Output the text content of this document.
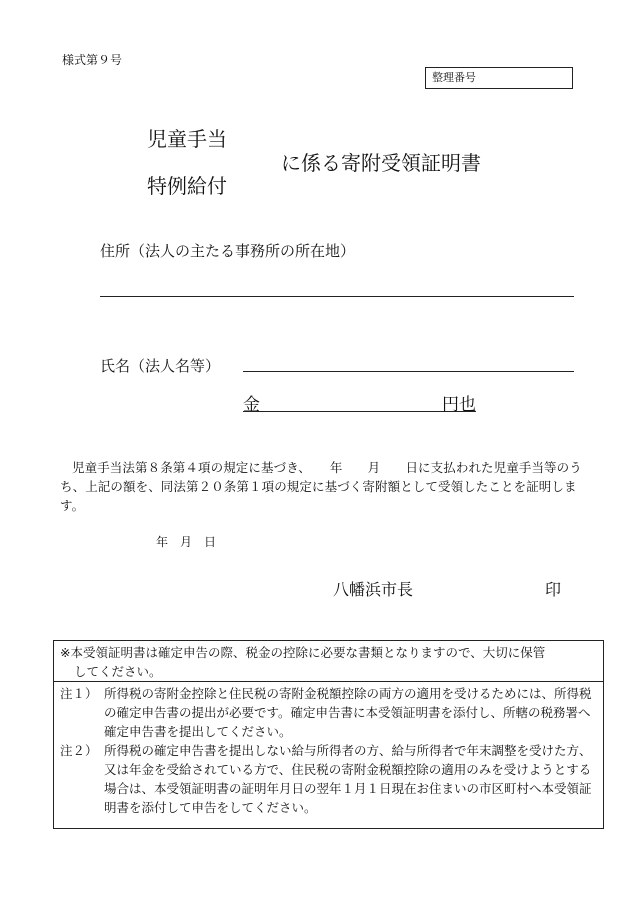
様式第９号
整理番号
児童手当
特例給付
に係る寄附受領証明書
住所（法人の主たる事務所の所在地）
氏名（法人名等）
金	円也
児童手当法第８条第４項の規定に基づき、　　年　　月　　日に支払われた児童手当等のうち、上記の額を、同法第２０条第１項の規定に基づく寄附額として受領したことを証明します。
年　月　日
八幡浜市長	印
※本受領証明書は確定申告の際、税金の控除に必要な書類となりますので、大切に保管
してください。
注１） 所得税の寄附金控除と住民税の寄附金税額控除の両方の適用を受けるためには、所得税の確定申告書の提出が必要です。確定申告書に本受領証明書を添付し、所轄の税務署へ確定申告書を提出してください。
注２） 所得税の確定申告書を提出しない給与所得者の方、給与所得者で年末調整を受けた方、又は年金を受給されている方で、住民税の寄附金税額控除の適用のみを受けようとする場合は、本受領証明書の証明年月日の翌年１月１日現在お住まいの市区町村へ本受領証明書を添付して申告をしてください。
